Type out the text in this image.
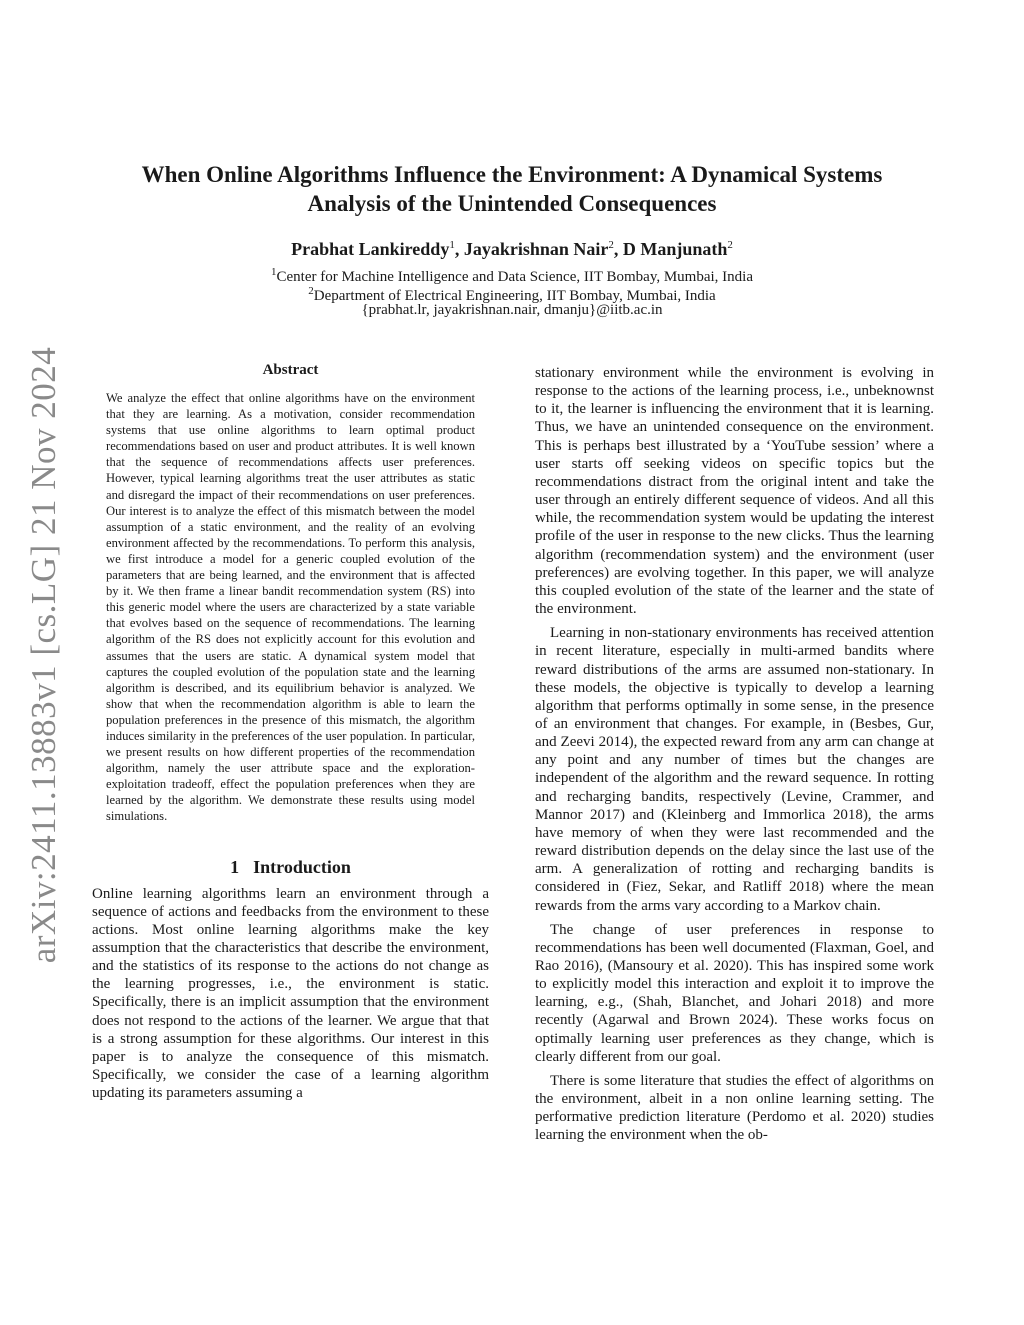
arXiv:2411.13883v1 [cs.LG] 21 Nov 2024
When Online Algorithms Influence the Environment: A Dynamical Systems
Analysis of the Unintended Consequences
Prabhat Lankireddy$^1$, Jayakrishnan Nair$^2$, D Manjunath$^2$
$^1$Center for Machine Intelligence and Data Science, IIT Bombay, Mumbai, India
$^2$Department of Electrical Engineering, IIT Bombay, Mumbai, India
{prabhat.lr, jayakrishnan.nair, dmanju}@iitb.ac.in

Abstract

We analyze the effect that online algorithms have on the environment that they are learning. As a motivation, consider recommendation systems that use online algorithms to learn optimal product recommendations based on user and product attributes. It is well known that the sequence of recommendations affects user preferences. However, typical learning algorithms treat the user attributes as static and disregard the impact of their recommendations on user preferences. Our interest is to analyze the effect of this mismatch between the model assumption of a static environment, and the reality of an evolving environment affected by the recommendations. To perform this analysis, we first introduce a model for a generic coupled evolution of the parameters that are being learned, and the environment that is affected by it. We then frame a linear bandit recommendation system (RS) into this generic model where the users are characterized by a state variable that evolves based on the sequence of recommendations. The learning algorithm of the RS does not explicitly account for this evolution and assumes that the users are static. A dynamical system model that captures the coupled evolution of the population state and the learning algorithm is described, and its equilibrium behavior is analyzed. We show that when the recommendation algorithm is able to learn the population preferences in the presence of this mismatch, the algorithm induces similarity in the preferences of the user population. In particular, we present results on how different properties of the recommendation algorithm, namely the user attribute space and the exploration-exploitation tradeoff, effect the population preferences when they are learned by the algorithm. We demonstrate these results using model simulations.

1 Introduction

Online learning algorithms learn an environment through a sequence of actions and feedbacks from the environment to these actions. Most online learning algorithms make the key assumption that the characteristics that describe the environment, and the statistics of its response to the actions do not change as the learning progresses, i.e., the environment is static. Specifically, there is an implicit assumption that the environment does not respond to the actions of the learner. We argue that that is a strong assumption for these algorithms. Our interest in this paper is to analyze the consequence of this mismatch. Specifically, we consider the case of a learning algorithm updating its parameters assuming a

stationary environment while the environment is evolving in response to the actions of the learning process, i.e., unbeknownst to it, the learner is influencing the environment that it is learning. Thus, we have an unintended consequence on the environment. This is perhaps best illustrated by a ‘YouTube session’ where a user starts off seeking videos on specific topics but the recommendations distract from the original intent and take the user through an entirely different sequence of videos. And all this while, the recommendation system would be updating the interest profile of the user in response to the new clicks. Thus the learning algorithm (recommendation system) and the environment (user preferences) are evolving together. In this paper, we will analyze this coupled evolution of the state of the learner and the state of the environment.

Learning in non-stationary environments has received attention in recent literature, especially in multi-armed bandits where reward distributions of the arms are assumed non-stationary. In these models, the objective is typically to develop a learning algorithm that performs optimally in some sense, in the presence of an environment that changes. For example, in (Besbes, Gur, and Zeevi 2014), the expected reward from any arm can change at any point and any number of times but the changes are independent of the algorithm and the reward sequence. In rotting and recharging bandits, respectively (Levine, Crammer, and Mannor 2017) and (Kleinberg and Immorlica 2018), the arms have memory of when they were last recommended and the reward distribution depends on the delay since the last use of the arm. A generalization of rotting and recharging bandits is considered in (Fiez, Sekar, and Ratliff 2018) where the mean rewards from the arms vary according to a Markov chain.

The change of user preferences in response to recommendations has been well documented (Flaxman, Goel, and Rao 2016), (Mansoury et al. 2020). This has inspired some work to explicitly model this interaction and exploit it to improve the learning, e.g., (Shah, Blanchet, and Johari 2018) and more recently (Agarwal and Brown 2024). These works focus on optimally learning user preferences as they change, which is clearly different from our goal.

There is some literature that studies the effect of algorithms on the environment, albeit in a non online learning setting. The performative prediction literature (Perdomo et al. 2020) studies learning the environment when the ob-
